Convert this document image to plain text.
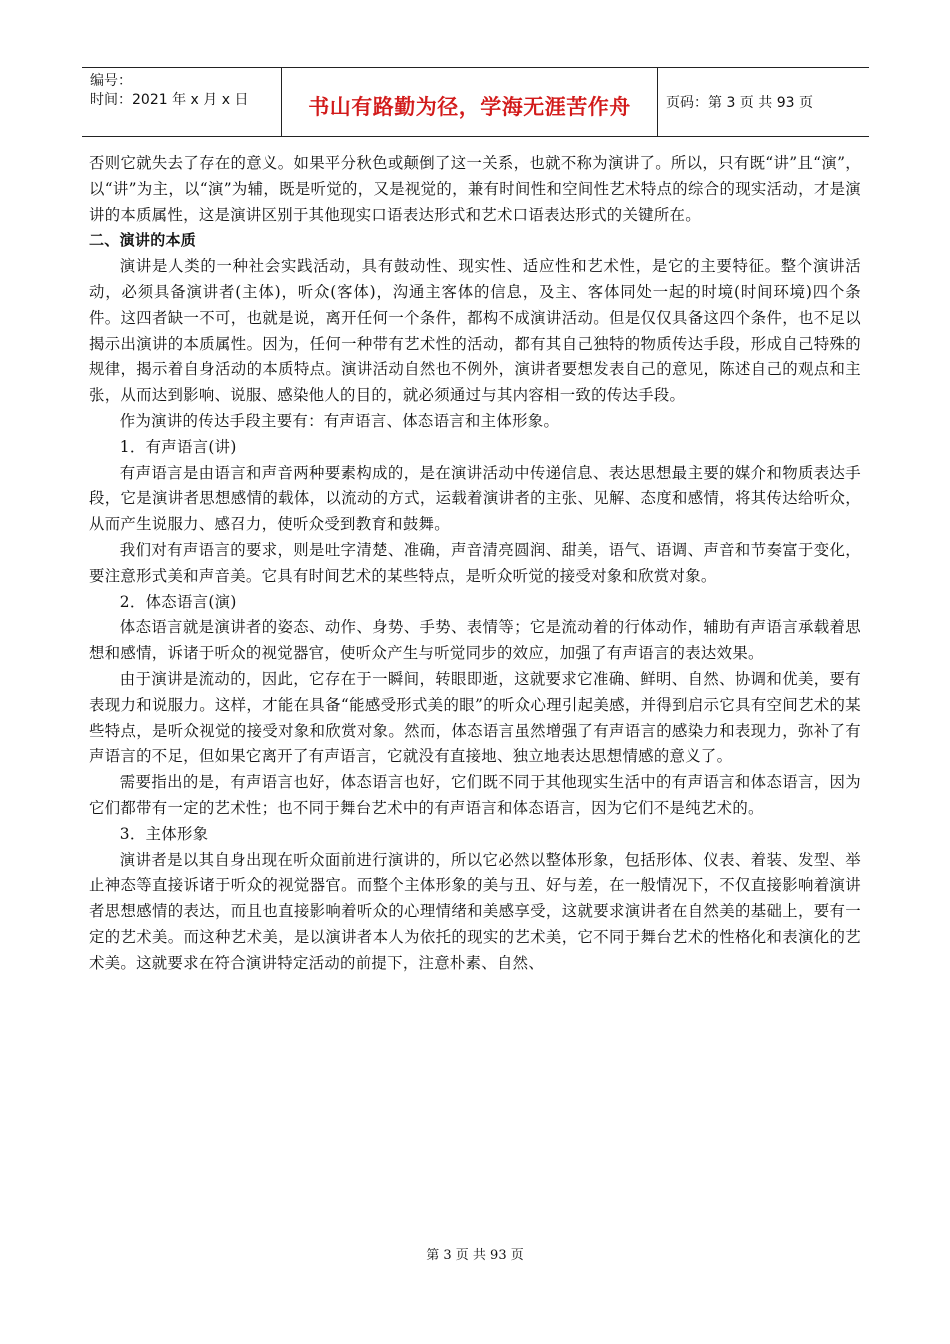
编号：
时间：2021 年 x 月 x 日	书山有路勤为径，学海无涯苦作舟	页码：第 3 页 共 93 页

否则它就失去了存在的意义。如果平分秋色或颠倒了这一关系，也就不称为演讲了。所以，只有既“讲”且“演”，以“讲”为主，以“演”为辅，既是听觉的，又是视觉的，兼有时间性和空间性艺术特点的综合的现实活动，才是演讲的本质属性，这是演讲区别于其他现实口语表达形式和艺术口语表达形式的关键所在。

二、演讲的本质

演讲是人类的一种社会实践活动，具有鼓动性、现实性、适应性和艺术性，是它的主要特征。整个演讲活动，必须具备演讲者(主体)，听众(客体)，沟通主客体的信息，及主、客体同处一起的时境(时间环境)四个条件。这四者缺一不可，也就是说，离开任何一个条件，都构不成演讲活动。但是仅仅具备这四个条件，也不足以揭示出演讲的本质属性。因为，任何一种带有艺术性的活动，都有其自己独特的物质传达手段，形成自己特殊的规律，揭示着自身活动的本质特点。演讲活动自然也不例外，演讲者要想发表自己的意见，陈述自己的观点和主张，从而达到影响、说服、感染他人的目的，就必须通过与其内容相一致的传达手段。

作为演讲的传达手段主要有：有声语言、体态语言和主体形象。

1．有声语言(讲)

有声语言是由语言和声音两种要素构成的，是在演讲活动中传递信息、表达思想最主要的媒介和物质表达手段，它是演讲者思想感情的载体，以流动的方式，运载着演讲者的主张、见解、态度和感情，将其传达给听众，从而产生说服力、感召力，使听众受到教育和鼓舞。

我们对有声语言的要求，则是吐字清楚、准确，声音清亮圆润、甜美，语气、语调、声音和节奏富于变化，要注意形式美和声音美。它具有时间艺术的某些特点，是听众听觉的接受对象和欣赏对象。

2．体态语言(演)

体态语言就是演讲者的姿态、动作、身势、手势、表情等；它是流动着的行体动作，辅助有声语言承载着思想和感情，诉诸于听众的视觉器官，使听众产生与听觉同步的效应，加强了有声语言的表达效果。

由于演讲是流动的，因此，它存在于一瞬间，转眼即逝，这就要求它准确、鲜明、自然、协调和优美，要有表现力和说服力。这样，才能在具备“能感受形式美的眼”的听众心理引起美感，并得到启示它具有空间艺术的某些特点，是听众视觉的接受对象和欣赏对象。然而，体态语言虽然增强了有声语言的感染力和表现力，弥补了有声语言的不足，但如果它离开了有声语言，它就没有直接地、独立地表达思想情感的意义了。

需要指出的是，有声语言也好，体态语言也好，它们既不同于其他现实生活中的有声语言和体态语言，因为它们都带有一定的艺术性；也不同于舞台艺术中的有声语言和体态语言，因为它们不是纯艺术的。

3．主体形象

演讲者是以其自身出现在听众面前进行演讲的，所以它必然以整体形象，包括形体、仪表、着装、发型、举止神态等直接诉诸于听众的视觉器官。而整个主体形象的美与丑、好与差，在一般情况下，不仅直接影响着演讲者思想感情的表达，而且也直接影响着听众的心理情绪和美感享受，这就要求演讲者在自然美的基础上，要有一定的艺术美。而这种艺术美，是以演讲者本人为依托的现实的艺术美，它不同于舞台艺术的性格化和表演化的艺术美。这就要求在符合演讲特定活动的前提下，注意朴素、自然、

第 3 页 共 93 页
